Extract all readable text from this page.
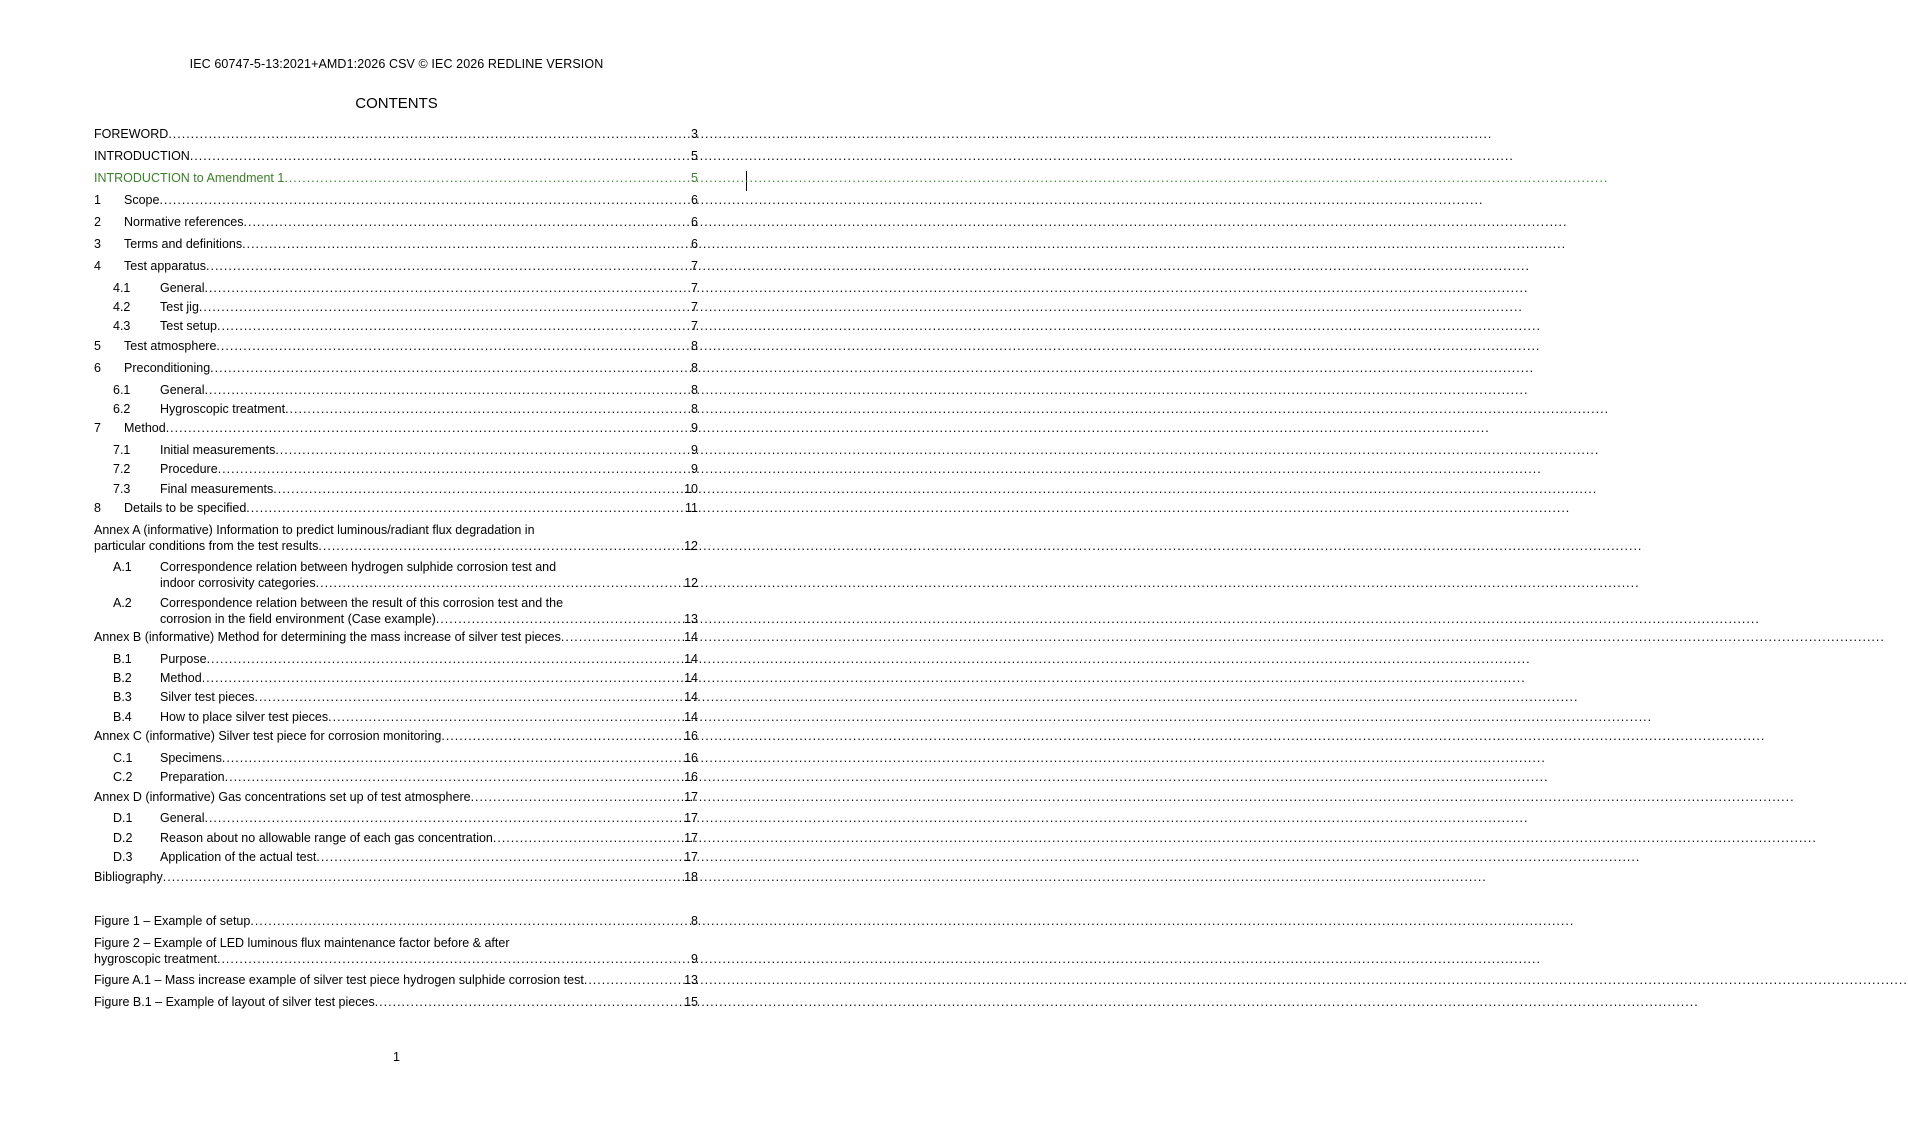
IEC 60747-5-13:2021+AMD1:2026 CSV © IEC 2026 REDLINE VERSION
CONTENTS
FOREWORD .....	3
INTRODUCTION .....	5
INTRODUCTION to Amendment 1 .....	5
1	Scope .....	6
2	Normative references .....	6
3	Terms and definitions .....	6
4	Test apparatus .....	7
4.1	General .....	7
4.2	Test jig .....	7
4.3	Test setup .....	7
5	Test atmosphere .....	8
6	Preconditioning .....	8
6.1	General .....	8
6.2	Hygroscopic treatment .....	8
7	Method .....	9
7.1	Initial measurements .....	9
7.2	Procedure .....	9
7.3	Final measurements .....	10
8	Details to be specified .....	11
Annex A (informative) Information to predict luminous/radiant flux degradation in
particular conditions from the test results .....	12
A.1	Correspondence relation between hydrogen sulphide corrosion test and
indoor corrosivity categories .....	12
A.2	Correspondence relation between the result of this corrosion test and the
corrosion in the field environment (Case example) .....	13
Annex B (informative) Method for determining the mass increase of silver test pieces .....	14
B.1	Purpose .....	14
B.2	Method .....	14
B.3	Silver test pieces .....	14
B.4	How to place silver test pieces .....	14
Annex C (informative) Silver test piece for corrosion monitoring .....	16
C.1	Specimens .....	16
C.2	Preparation .....	16
Annex D (informative) Gas concentrations set up of test atmosphere .....	17
D.1	General .....	17
D.2	Reason about no allowable range of each gas concentration .....	17
D.3	Application of the actual test .....	17
Bibliography .....	18
Figure 1 – Example of setup .....	8
Figure 2 – Example of LED luminous flux maintenance factor before & after
hygroscopic treatment .....	9
Figure A.1 – Mass increase example of silver test piece hydrogen sulphide corrosion test .....	13
Figure B.1 – Example of layout of silver test pieces .....	15
1
